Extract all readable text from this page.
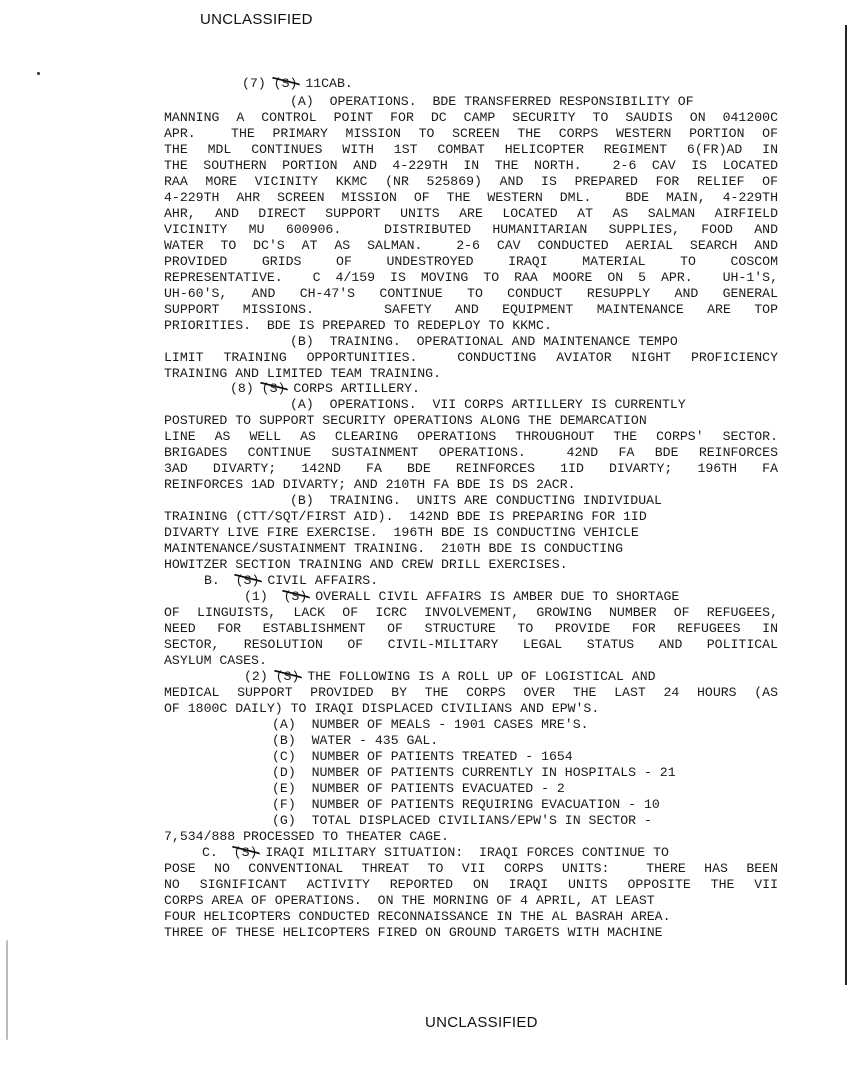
UNCLASSIFIED
(7) (S) 11CAB.
(A)  OPERATIONS.  BDE TRANSFERRED RESPONSIBILITY OF
MANNING A CONTROL POINT FOR DC CAMP SECURITY TO SAUDIS ON 041200C
APR.  THE PRIMARY MISSION TO SCREEN THE CORPS WESTERN PORTION OF
THE MDL CONTINUES WITH 1ST COMBAT HELICOPTER REGIMENT 6(FR)AD IN
THE SOUTHERN PORTION AND 4-229TH IN THE NORTH.  2-6 CAV IS LOCATED
RAA MORE VICINITY KKMC (NR 525869) AND IS PREPARED FOR RELIEF OF
4-229TH AHR SCREEN MISSION OF THE WESTERN DML.  BDE MAIN, 4-229TH
AHR, AND DIRECT SUPPORT UNITS ARE LOCATED AT AS SALMAN AIRFIELD
VICINITY MU 600906.  DISTRIBUTED HUMANITARIAN SUPPLIES, FOOD AND
WATER TO DC'S AT AS SALMAN.  2-6 CAV CONDUCTED AERIAL SEARCH AND
PROVIDED  GRIDS  OF  UNDESTROYED  IRAQI  MATERIAL  TO  COSCOM
REPRESENTATIVE.  C 4/159 IS MOVING TO RAA MOORE ON 5 APR.  UH-1'S,
UH-60'S, AND CH-47'S CONTINUE TO CONDUCT RESUPPLY AND GENERAL
SUPPORT MISSIONS.   SAFETY AND EQUIPMENT MAINTENANCE ARE TOP
PRIORITIES.  BDE IS PREPARED TO REDEPLOY TO KKMC.
(B)  TRAINING.  OPERATIONAL AND MAINTENANCE TEMPO
LIMIT TRAINING OPPORTUNITIES.  CONDUCTING AVIATOR NIGHT PROFICIENCY
TRAINING AND LIMITED TEAM TRAINING.
(8) (S) CORPS ARTILLERY.
(A)  OPERATIONS.  VII CORPS ARTILLERY IS CURRENTLY
POSTURED TO SUPPORT SECURITY OPERATIONS ALONG THE DEMARCATION
LINE AS WELL AS CLEARING OPERATIONS THROUGHOUT THE CORPS' SECTOR.
BRIGADES CONTINUE SUSTAINMENT OPERATIONS.  42ND FA BDE REINFORCES
3AD  DIVARTY;  142ND  FA  BDE  REINFORCES  1ID  DIVARTY;  196TH  FA
REINFORCES 1AD DIVARTY; AND 210TH FA BDE IS DS 2ACR.
(B)  TRAINING.  UNITS ARE CONDUCTING INDIVIDUAL
TRAINING (CTT/SQT/FIRST AID).  142ND BDE IS PREPARING FOR 1ID
DIVARTY LIVE FIRE EXERCISE.  196TH BDE IS CONDUCTING VEHICLE
MAINTENANCE/SUSTAINMENT TRAINING.  210TH BDE IS CONDUCTING
HOWITZER SECTION TRAINING AND CREW DRILL EXERCISES.
B.  (S) CIVIL AFFAIRS.
(1)  (S) OVERALL CIVIL AFFAIRS IS AMBER DUE TO SHORTAGE
OF LINGUISTS, LACK OF ICRC INVOLVEMENT, GROWING NUMBER OF REFUGEES,
NEED FOR ESTABLISHMENT OF STRUCTURE TO PROVIDE FOR REFUGEES IN
SECTOR, RESOLUTION OF CIVIL-MILITARY LEGAL STATUS AND POLITICAL
ASYLUM CASES.
(2) (S) THE FOLLOWING IS A ROLL UP OF LOGISTICAL AND
MEDICAL SUPPORT PROVIDED BY THE CORPS OVER THE LAST 24 HOURS (AS
OF 1800C DAILY) TO IRAQI DISPLACED CIVILIANS AND EPW'S.
(A)  NUMBER OF MEALS - 1901 CASES MRE'S.
(B)  WATER - 435 GAL.
(C)  NUMBER OF PATIENTS TREATED - 1654
(D)  NUMBER OF PATIENTS CURRENTLY IN HOSPITALS - 21
(E)  NUMBER OF PATIENTS EVACUATED - 2
(F)  NUMBER OF PATIENTS REQUIRING EVACUATION - 10
(G)  TOTAL DISPLACED CIVILIANS/EPW'S IN SECTOR -
7,534/888 PROCESSED TO THEATER CAGE.
C.  (S) IRAQI MILITARY SITUATION:  IRAQI FORCES CONTINUE TO
POSE NO CONVENTIONAL THREAT TO VII CORPS UNITS:  THERE HAS BEEN
NO SIGNIFICANT ACTIVITY REPORTED ON IRAQI UNITS OPPOSITE THE VII
CORPS AREA OF OPERATIONS.  ON THE MORNING OF 4 APRIL, AT LEAST
FOUR HELICOPTERS CONDUCTED RECONNAISSANCE IN THE AL BASRAH AREA.
THREE OF THESE HELICOPTERS FIRED ON GROUND TARGETS WITH MACHINE
UNCLASSIFIED
